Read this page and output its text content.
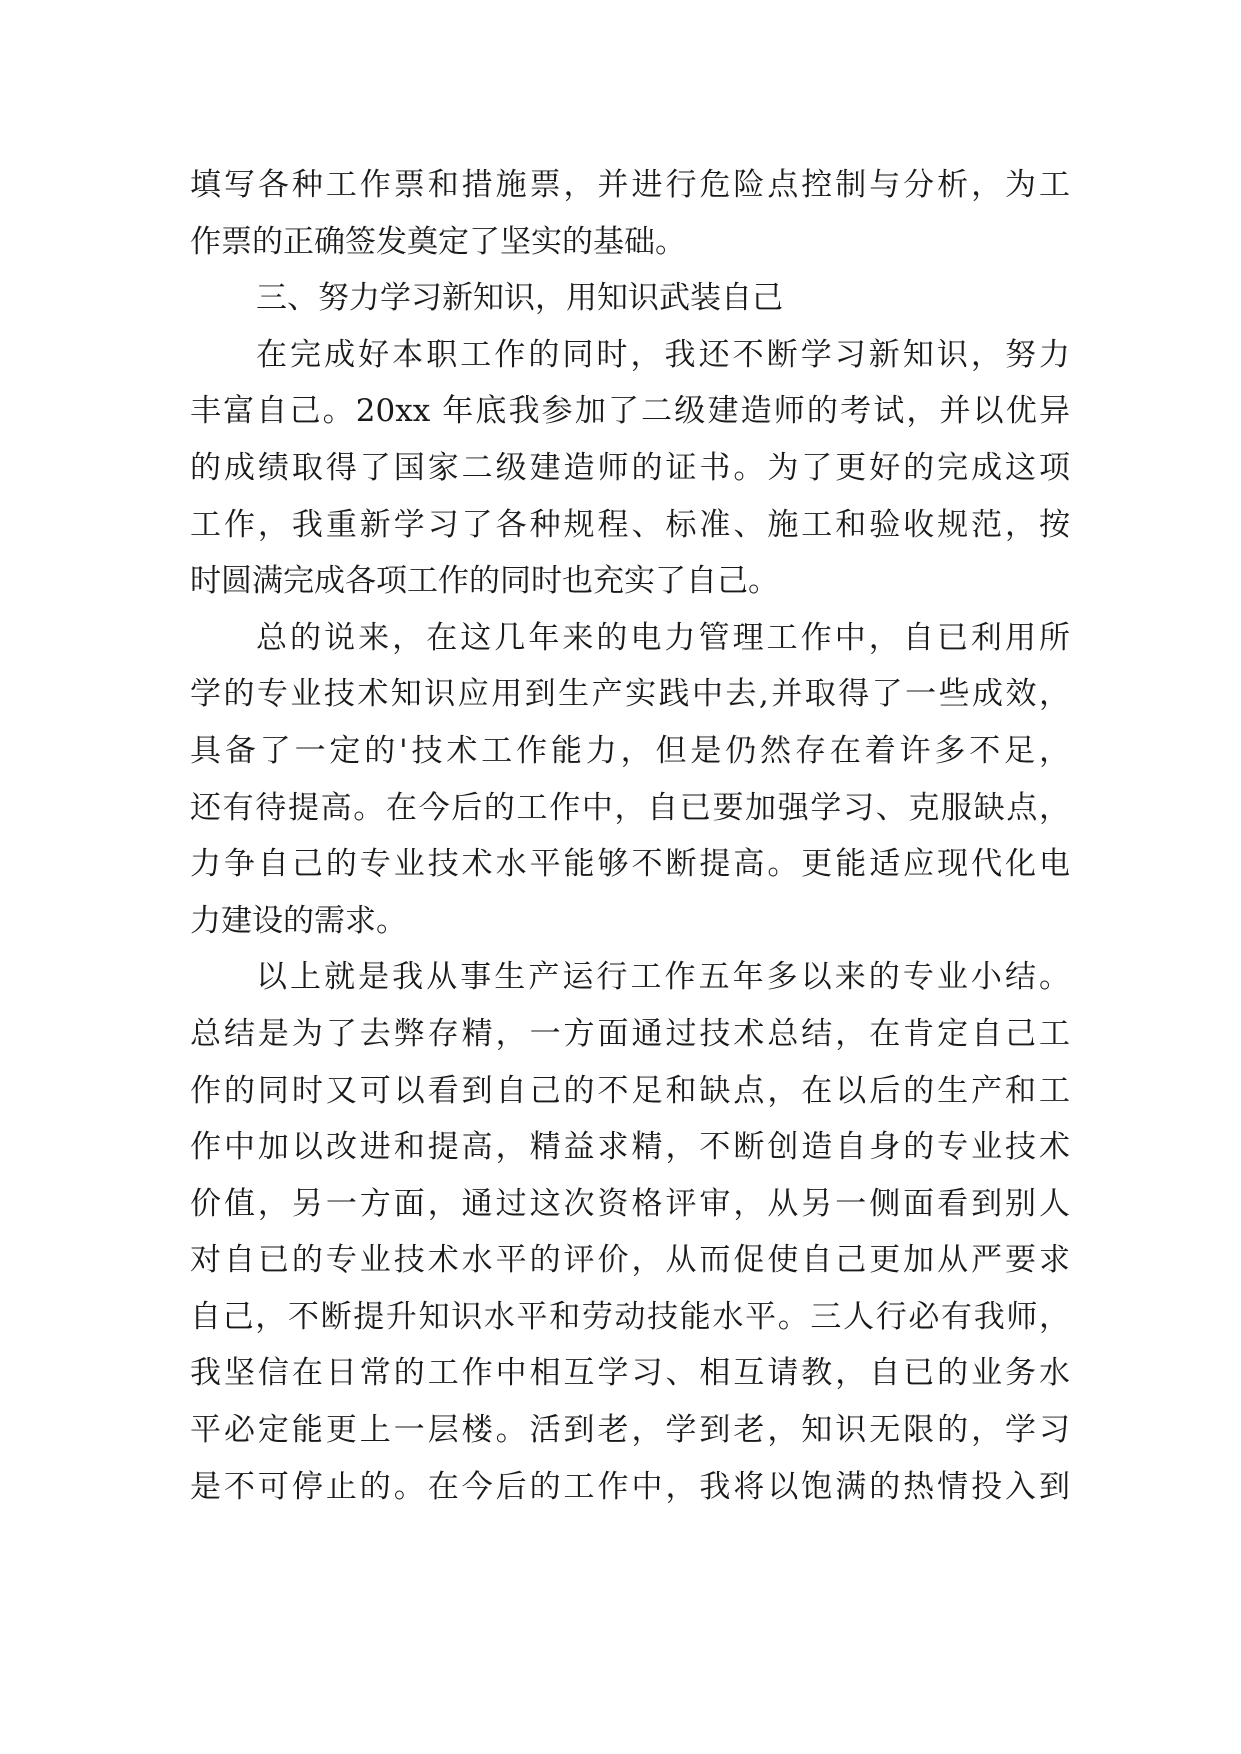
填写各种工作票和措施票，并进行危险点控制与分析，为工
作票的正确签发奠定了坚实的基础。
三、努力学习新知识，用知识武装自己
在完成好本职工作的同时，我还不断学习新知识，努力
丰富自己。20xx 年底我参加了二级建造师的考试，并以优异
的成绩取得了国家二级建造师的证书。为了更好的完成这项
工作，我重新学习了各种规程、标准、施工和验收规范，按
时圆满完成各项工作的同时也充实了自己。
总的说来，在这几年来的电力管理工作中，自已利用所
学的专业技术知识应用到生产实践中去,并取得了一些成效，
具备了一定的'技术工作能力，但是仍然存在着许多不足，
还有待提高。在今后的工作中，自已要加强学习、克服缺点，
力争自己的专业技术水平能够不断提高。更能适应现代化电
力建设的需求。
以上就是我从事生产运行工作五年多以来的专业小结。
总结是为了去弊存精，一方面通过技术总结，在肯定自己工
作的同时又可以看到自己的不足和缺点，在以后的生产和工
作中加以改进和提高，精益求精，不断创造自身的专业技术
价值，另一方面，通过这次资格评审，从另一侧面看到别人
对自已的专业技术水平的评价，从而促使自己更加从严要求
自己，不断提升知识水平和劳动技能水平。三人行必有我师，
我坚信在日常的工作中相互学习、相互请教，自已的业务水
平必定能更上一层楼。活到老，学到老，知识无限的，学习
是不可停止的。在今后的工作中，我将以饱满的热情投入到
